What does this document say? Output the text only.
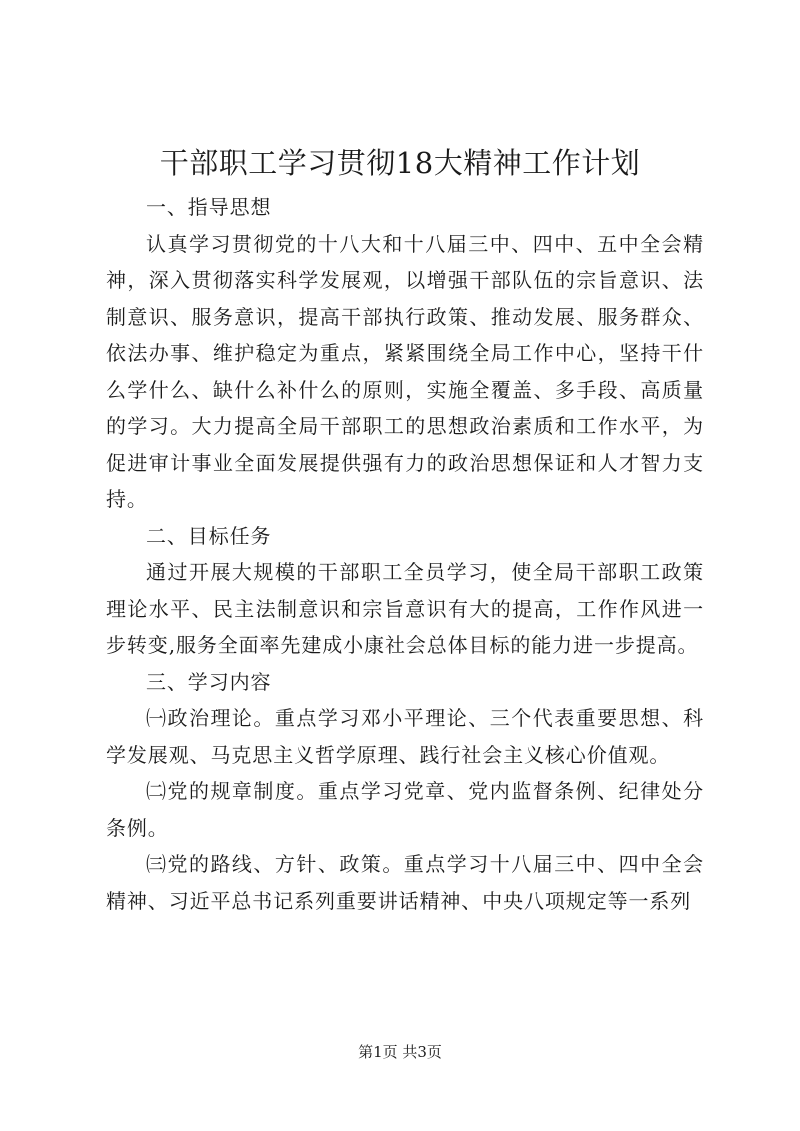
干部职工学习贯彻18大精神工作计划

一、指导思想

认真学习贯彻党的十八大和十八届三中、四中、五中全会精神，深入贯彻落实科学发展观，以增强干部队伍的宗旨意识、法制意识、服务意识，提高干部执行政策、推动发展、服务群众、依法办事、维护稳定为重点，紧紧围绕全局工作中心，坚持干什么学什么、缺什么补什么的原则，实施全覆盖、多手段、高质量的学习。大力提高全局干部职工的思想政治素质和工作水平，为促进审计事业全面发展提供强有力的政治思想保证和人才智力支持。

二、目标任务

通过开展大规模的干部职工全员学习，使全局干部职工政策理论水平、民主法制意识和宗旨意识有大的提高，工作作风进一步转变,服务全面率先建成小康社会总体目标的能力进一步提高。

三、学习内容

㈠政治理论。重点学习邓小平理论、三个代表重要思想、科学发展观、马克思主义哲学原理、践行社会主义核心价值观。

㈡党的规章制度。重点学习党章、党内监督条例、纪律处分条例。

㈢党的路线、方针、政策。重点学习十八届三中、四中全会精神、习近平总书记系列重要讲话精神、中央八项规定等一系列

第1页 共3页
